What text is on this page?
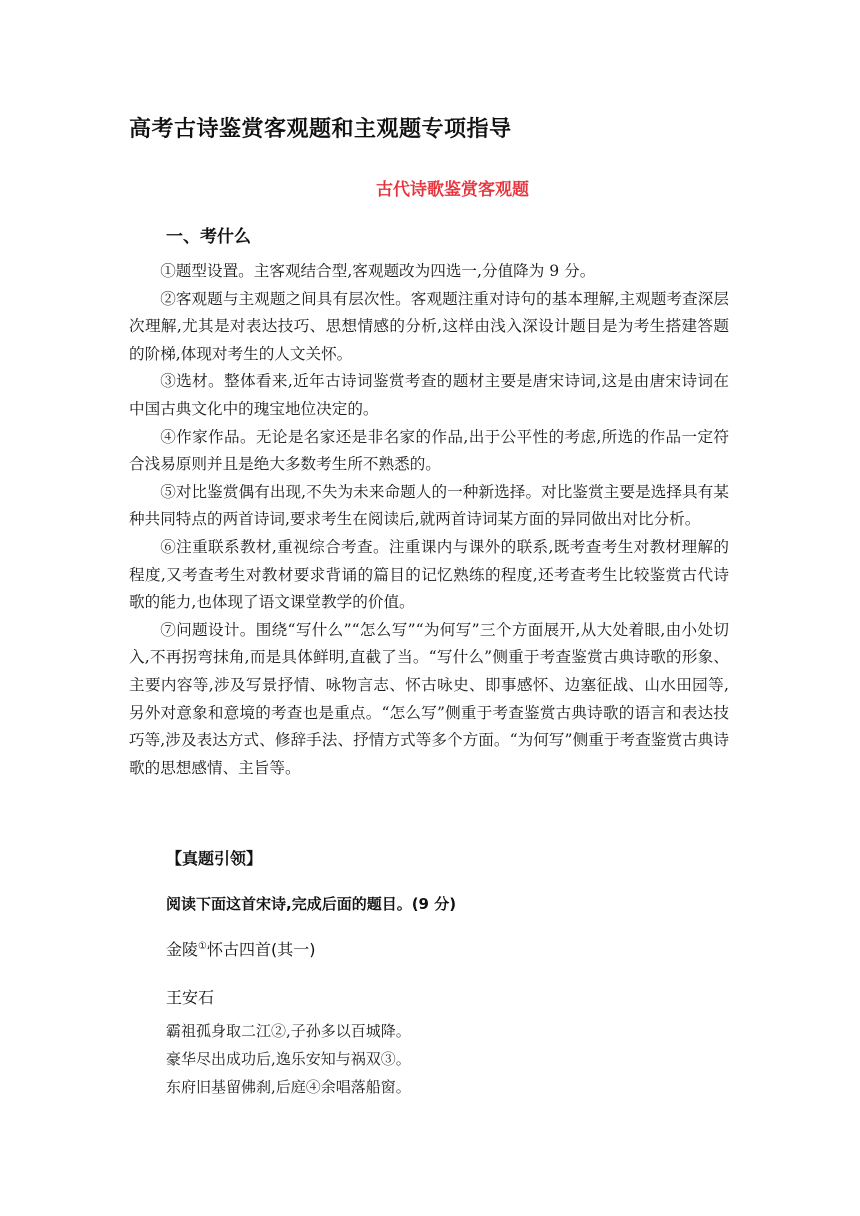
高考古诗鉴赏客观题和主观题专项指导
古代诗歌鉴赏客观题
一、考什么

①题型设置。主客观结合型,客观题改为四选一,分值降为 9 分。

②客观题与主观题之间具有层次性。客观题注重对诗句的基本理解,主观题考查深层次理解,尤其是对表达技巧、思想情感的分析,这样由浅入深设计题目是为考生搭建答题的阶梯,体现对考生的人文关怀。

③选材。整体看来,近年古诗词鉴赏考查的题材主要是唐宋诗词,这是由唐宋诗词在中国古典文化中的瑰宝地位决定的。

④作家作品。无论是名家还是非名家的作品,出于公平性的考虑,所选的作品一定符合浅易原则并且是绝大多数考生所不熟悉的。

⑤对比鉴赏偶有出现,不失为未来命题人的一种新选择。对比鉴赏主要是选择具有某种共同特点的两首诗词,要求考生在阅读后,就两首诗词某方面的异同做出对比分析。

⑥注重联系教材,重视综合考查。注重课内与课外的联系,既考查考生对教材理解的程度,又考查考生对教材要求背诵的篇目的记忆熟练的程度,还考查考生比较鉴赏古代诗歌的能力,也体现了语文课堂教学的价值。

⑦问题设计。围绕“写什么”“怎么写”“为何写”三个方面展开,从大处着眼,由小处切入,不再拐弯抹角,而是具体鲜明,直截了当。“写什么”侧重于考查鉴赏古典诗歌的形象、主要内容等,涉及写景抒情、咏物言志、怀古咏史、即事感怀、边塞征战、山水田园等,另外对意象和意境的考查也是重点。“怎么写”侧重于考查鉴赏古典诗歌的语言和表达技巧等,涉及表达方式、修辞手法、抒情方式等多个方面。“为何写”侧重于考查鉴赏古典诗歌的思想感情、主旨等。

【真题引领】
阅读下面这首宋诗,完成后面的题目。(9 分)
金陵①怀古四首(其一)
王安石
霸祖孤身取二江②,子孙多以百城降。
豪华尽出成功后,逸乐安知与祸双③。
东府旧基留佛刹,后庭④余唱落船窗。
